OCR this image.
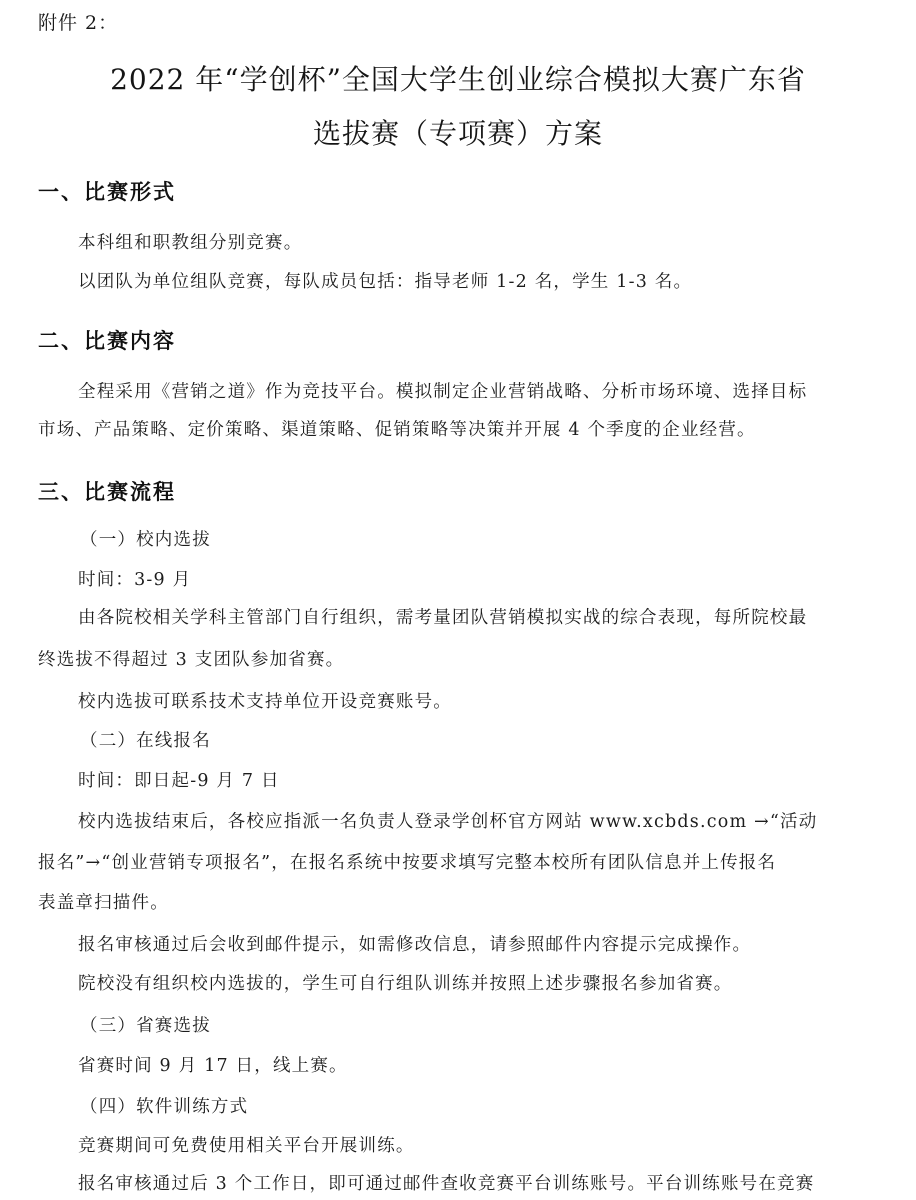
附件 2：
2022 年“学创杯”全国大学生创业综合模拟大赛广东省
选拔赛（专项赛）方案
一、比赛形式
本科组和职教组分别竞赛。
以团队为单位组队竞赛，每队成员包括：指导老师 1-2 名，学生 1-3 名。
二、比赛内容
全程采用《营销之道》作为竞技平台。模拟制定企业营销战略、分析市场环境、选择目标
市场、产品策略、定价策略、渠道策略、促销策略等决策并开展 4 个季度的企业经营。
三、比赛流程
（一）校内选拔
时间：3-9 月
由各院校相关学科主管部门自行组织，需考量团队营销模拟实战的综合表现，每所院校最
终选拔不得超过 3 支团队参加省赛。
校内选拔可联系技术支持单位开设竞赛账号。
（二）在线报名
时间：即日起-9 月 7 日
校内选拔结束后，各校应指派一名负责人登录学创杯官方网站 www.xcbds.com →“活动
报名”→“创业营销专项报名”，在报名系统中按要求填写完整本校所有团队信息并上传报名
表盖章扫描件。
报名审核通过后会收到邮件提示，如需修改信息，请参照邮件内容提示完成操作。
院校没有组织校内选拔的，学生可自行组队训练并按照上述步骤报名参加省赛。
（三）省赛选拔
省赛时间 9 月 17 日，线上赛。
（四）软件训练方式
竞赛期间可免费使用相关平台开展训练。
报名审核通过后 3 个工作日，即可通过邮件查收竞赛平台训练账号。平台训练账号在竞赛
